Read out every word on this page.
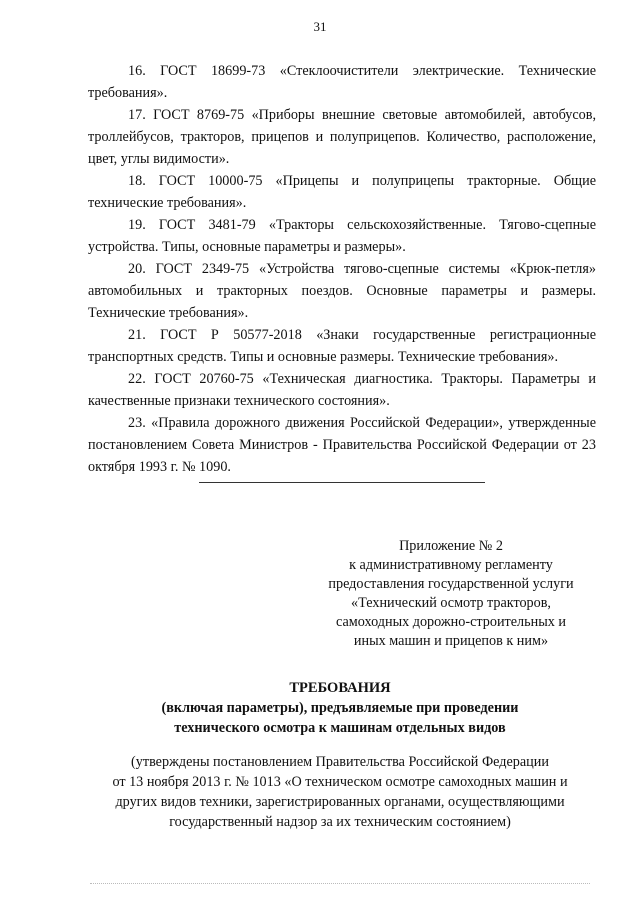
31

16. ГОСТ 18699-73 «Стеклоочистители электрические. Технические требования».

17. ГОСТ 8769-75 «Приборы внешние световые автомобилей, автобусов, троллейбусов, тракторов, прицепов и полуприцепов. Количество, расположение, цвет, углы видимости».

18. ГОСТ 10000-75 «Прицепы и полуприцепы тракторные. Общие технические требования».

19. ГОСТ 3481-79 «Тракторы сельскохозяйственные. Тягово-сцепные устройства. Типы, основные параметры и размеры».

20. ГОСТ 2349-75 «Устройства тягово-сцепные системы «Крюк-петля» автомобильных и тракторных поездов. Основные параметры и размеры. Технические требования».

21. ГОСТ Р 50577-2018 «Знаки государственные регистрационные транспортных средств. Типы и основные размеры. Технические требования».

22. ГОСТ 20760-75 «Техническая диагностика. Тракторы. Параметры и качественные признаки технического состояния».

23. «Правила дорожного движения Российской Федерации», утвержденные постановлением Совета Министров - Правительства Российской Федерации от 23 октября 1993 г. № 1090.

Приложение № 2
к административному регламенту
предоставления государственной услуги
«Технический осмотр тракторов,
самоходных дорожно-строительных и
иных машин и прицепов к ним»
ТРЕБОВАНИЯ
(включая параметры), предъявляемые при проведении
технического осмотра к машинам отдельных видов
(утверждены постановлением Правительства Российской Федерации
от 13 ноября 2013 г. № 1013 «О техническом осмотре самоходных машин и
других видов техники, зарегистрированных органами, осуществляющими
государственный надзор за их техническим состоянием)
